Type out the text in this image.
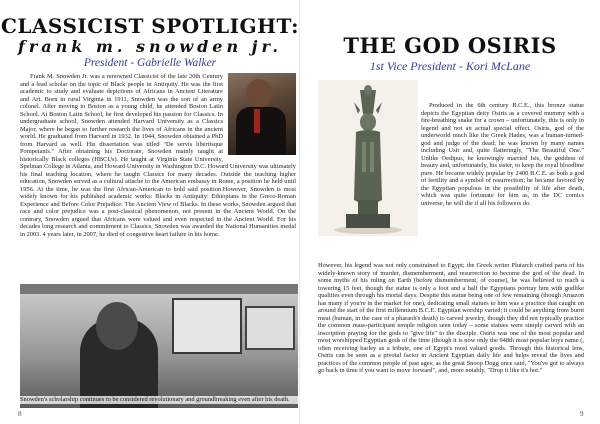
CLASSICIST SPOTLIGHT:
frank m. snowden jr.
President - Gabrielle Walker

Frank M. Snowden Jr. was a renowned Classicist of the late 20th Century and a lead scholar on the topic of Black people in Antiquity. He was the first academic to study and evaluate depictions of Africans in Ancient Literature and Art. Born in rural Virginia in 1911, Snowden was the son of an army colonel. After moving to Boston as a young child, he attended Boston Latin School. At Boston Latin School, he first developed his passion for Classics. In undergraduate school, Snowden attended Harvard University as a Classics Major, where he began to further research the lives of Africans in the ancient world. He graduated from Harvard in 1932. In 1944, Snowden obtained a PhD from Harvard as well. His dissertation was titled "De servis libertisque Pompeianis." After obtaining his Doctorate, Snowden mainly taught at historically Black colleges (HBCUs). He taught at Virginia State University, Spelman College in Atlanta, and Howard University in Washington D.C. Howard University was ultimately his final teaching location, where he taught Classics for many decades. Outside the teaching higher education, Snowden served as a cultural attaché to the American embassy in Rome, a position he held until 1956. At the time, he was the first African-American to hold said position.However, Snowden is most widely known for his published academic works: Blacks in Antiquity: Ethiopians in the Greco-Roman Experience and Before Color Prejudice: The Ancient View of Blacks. In these works, Snowden argued that race and color prejudice was a post-classical phenomenon, not present in the Ancient World. On the contrary, Snowden argued that Africans were valued and even respected in the Ancient World. For his decades long research and commitment to Classics, Snowden was awarded the National Humanities medal in 2003. 4 years later, in 2007, he died of congestive heart failure in his home.

Snowden's scholarship continues to be considered revolutionary and groundbreaking even after his death.
8
THE GOD OSIRIS
1st Vice President - Kori McLane

Produced in the 6th century B.C.E., this bronze statue depicts the Egyptian deity Osiris as a covered mummy with a fire-breathing snake for a crown – unfortunately, this is only in legend and not an actual special effect. Osiris, god of the underworld much like the Greek Hades, was a human-turned-god and judge of the dead; he was known by many names including Usir and, quite flatteringly, "The Beautiful One." Unlike Oedipus, he knowingly married Isis, the goddess of beauty and, unfortunately, his sister, to keep the royal bloodline pure. He became widely popular by 2400 B.C.E. as both a god of fertility and a symbol of resurrection; he became favored by the Egyptian populous in the possibility of life after death, which was quite fortunate for him as, in the DC comics universe, he will die if all his followers do.

However, his legend was not only constrained to Egypt; the Greek writer Plutarch crafted parts of his widely-known story of murder, dismemberment, and resurrection to become the god of the dead. In some myths of his ruling on Earth (before dismemberment, of course), he was believed to reach a towering 15 feet, though the statue is only a foot and a half the Egyptians portray him with godlike qualities even through his mortal days. Despite this statue being one of few remaining (though Amazon has many if you're in the market for one), dedicating small statues to him was a practice that caught on around the start of the first millennium B.C.E. Egyptian worship varied; it could be anything from burnt meat (human, in the case of a pharaoh's death) to carved jewelry, though they did not typically practice the common mass-participant temple religion seen today – some statues were simply carved with an inscription praying for the gods to "give life" to the disciple. Osiris was one of the most popular and most worshipped Egyptian gods of the time (though it is now only the 948th most popular boys name (, often receiving barley as a tribute, one of Egypt's most valued goods. Through this historical lens, Osiris can be seen as a pivotal factor in Ancient Egyptian daily life and helps reveal the lives and practices of the common people of past ages; as the great Snoop Dogg once said, "You've got to always go back in time if you want to move forward", and, more notably, "Drop it like it's hot."

9
